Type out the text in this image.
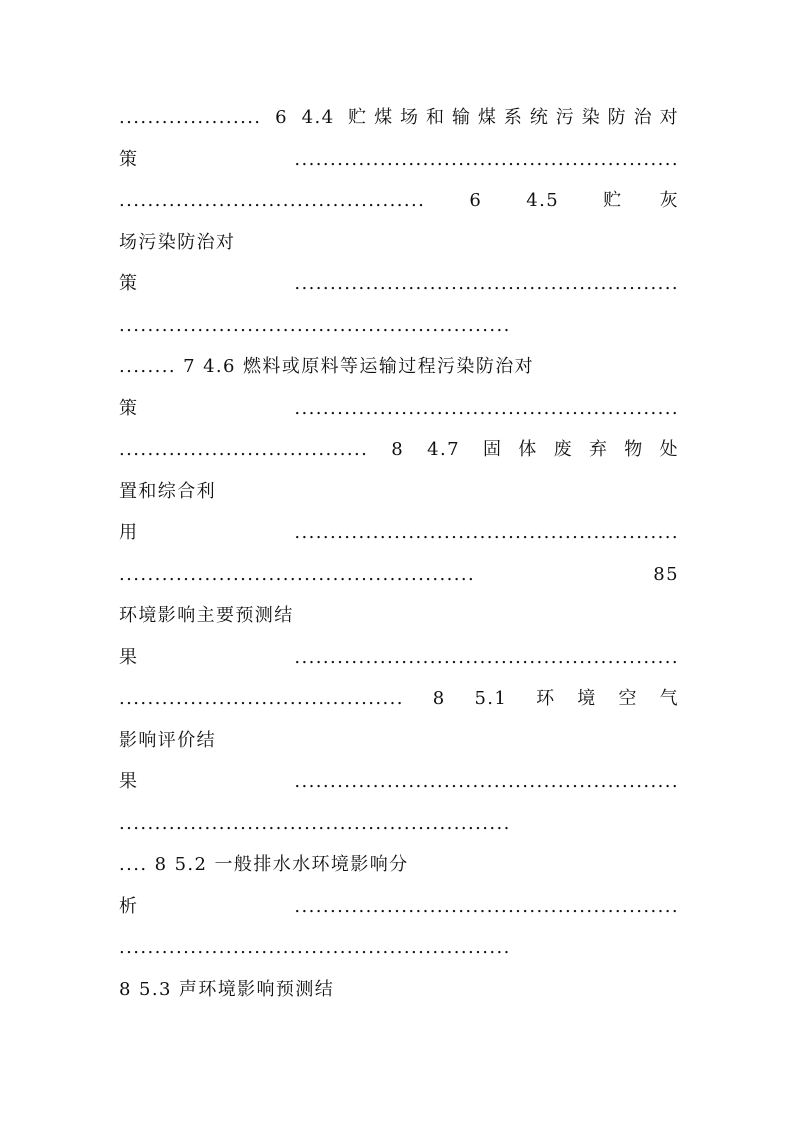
.................... 6 4.4 贮煤场和输煤系统污染防治对
策......................................................
........................................... 6 4.5 贮灰
场污染防治对
策......................................................
.......................................................
........ 7 4.6 燃料或原料等运输过程污染防治对
策......................................................
................................... 8 4.7 固体废弃物处
置和综合利
用......................................................
.................................................. 85
环境影响主要预测结
果......................................................
........................................ 8 5.1 环境空气
影响评价结
果......................................................
.......................................................
.... 8 5.2 一般排水水环境影响分
析......................................................
.......................................................
8 5.3 声环境影响预测结
